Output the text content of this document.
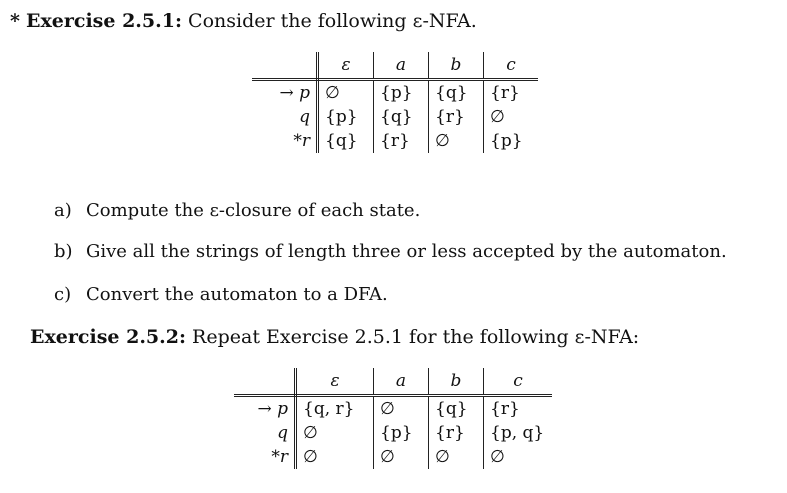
* Exercise 2.5.1: Consider the following ε-NFA.
	ε	a	b	c
→ p	∅	{p}	{q}	{r}
q	{p}	{q}	{r}	∅
*r	{q}	{r}	∅	{p}
a) Compute the ε-closure of each state.
b) Give all the strings of length three or less accepted by the automaton.
c) Convert the automaton to a DFA.
Exercise 2.5.2: Repeat Exercise 2.5.1 for the following ε-NFA:
	ε	a	b	c
→ p	{q, r}	∅	{q}	{r}
q	∅	{p}	{r}	{p, q}
*r	∅	∅	∅	∅
